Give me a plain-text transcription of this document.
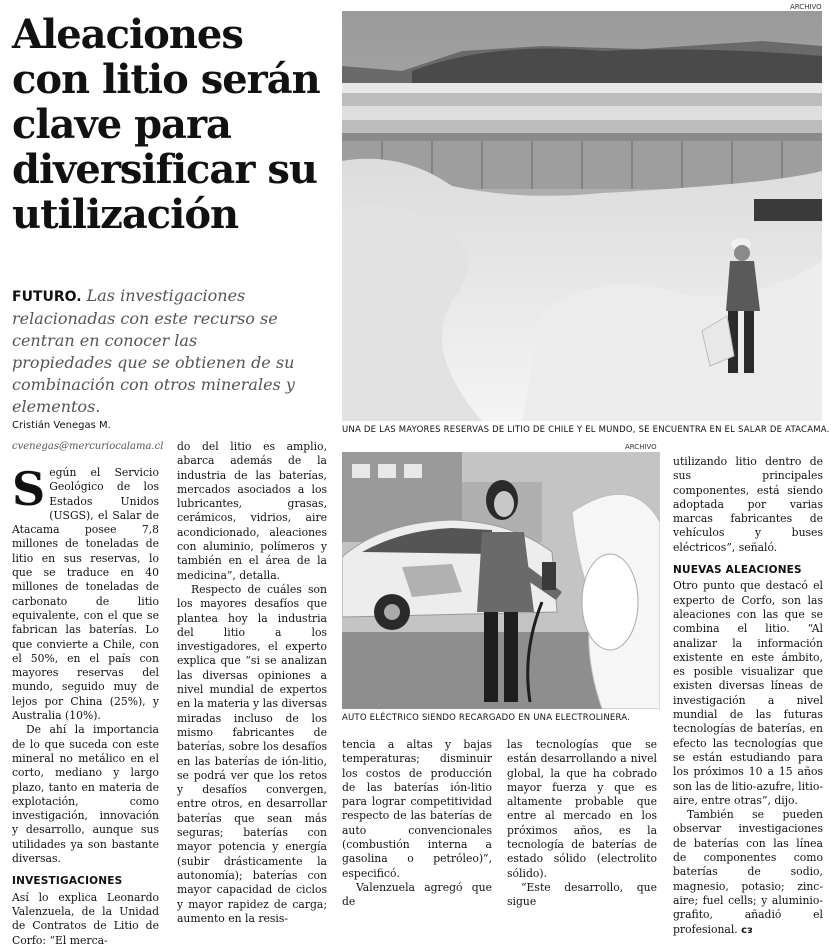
Aleaciones con litio serán clave para diversificar su utilización
FUTURO. Las investigaciones relacionadas con este recurso se centran en conocer las propiedades que se obtienen de su combinación con otros minerales y elementos.
Cristián Venegas M.
cvenegas@mercuriocalama.cl
ARCHIVO
UNA DE LAS MAYORES RESERVAS DE LITIO DE CHILE Y EL MUNDO, SE ENCUENTRA EN EL SALAR DE ATACAMA.
ARCHIVO
AUTO ELÉCTRICO SIENDO RECARGADO EN UNA ELECTROLINERA.

Según el Servicio Geológico de los Estados Unidos (USGS), el Salar de Atacama posee 7,8 millones de toneladas de litio en sus reservas, lo que se traduce en 40 millones de toneladas de carbonato de litio equivalente, con el que se fabrican las baterías. Lo que convierte a Chile, con el 50%, en el país con mayores reservas del mundo, seguido muy de lejos por China (25%), y Australia (10%).

De ahí la importancia de lo que suceda con este mineral no metálico en el corto, mediano y largo plazo, tanto en materia de explotación, como investigación, innovación y desarrollo, aunque sus utilidades ya son bastante diversas.

INVESTIGACIONES

Así lo explica Leonardo Valenzuela, de la Unidad de Contratos de Litio de Corfo: “El merca-

do del litio es amplio, abarca además de la industria de las baterías, mercados asociados a los lubricantes, grasas, cerámicos, vidrios, aire acondicionado, aleaciones con aluminio, polímeros y también en el área de la medicina”, detalla.

Respecto de cuáles son los mayores desafíos que plantea hoy la industria del litio a los investigadores, el experto explica que “si se analizan las diversas opiniones a nivel mundial de expertos en la materia y las diversas miradas incluso de los mismo fabricantes de baterías, sobre los desafíos en las baterías de ión-litio, se podrá ver que los retos y desafíos convergen, entre otros, en desarrollar baterías que sean más seguras; baterías con mayor potencia y energía (subir drásticamente la autonomía); baterías con mayor capacidad de ciclos y mayor rapidez de carga; aumento en la resis-

tencia a altas y bajas temperaturas; disminuir los costos de producción de las baterías ión-litio para lograr competitividad respecto de las baterías de auto convencionales (combustión interna a gasolina o petróleo)”, especificó.

Valenzuela agregó que de

las tecnologías que se están desarrollando a nivel global, la que ha cobrado mayor fuerza y que es altamente probable que entre al mercado en los próximos años, es la tecnología de baterías de estado sólido (electrolito sólido).

“Este desarrollo, que sigue

utilizando litio dentro de sus principales componentes, está siendo adoptada por varias marcas fabricantes de vehículos y buses eléctricos”, señaló.

NUEVAS ALEACIONES

Otro punto que destacó el experto de Corfo, son las aleaciones con las que se combina el litio. “Al analizar la información existente en este ámbito, es posible visualizar que existen diversas líneas de investigación a nivel mundial de las futuras tecnologías de baterías, en efecto las tecnologías que se están estudiando para los próximos 10 a 15 años son las de litio-azufre, litio-aire, entre otras”, dijo.

También se pueden observar investigaciones de baterías con las línea de componentes como baterías de sodio, magnesio, potasio; zinc-aire; fuel cells; y aluminio-grafito, añadió el profesional. ᴄᴈ
